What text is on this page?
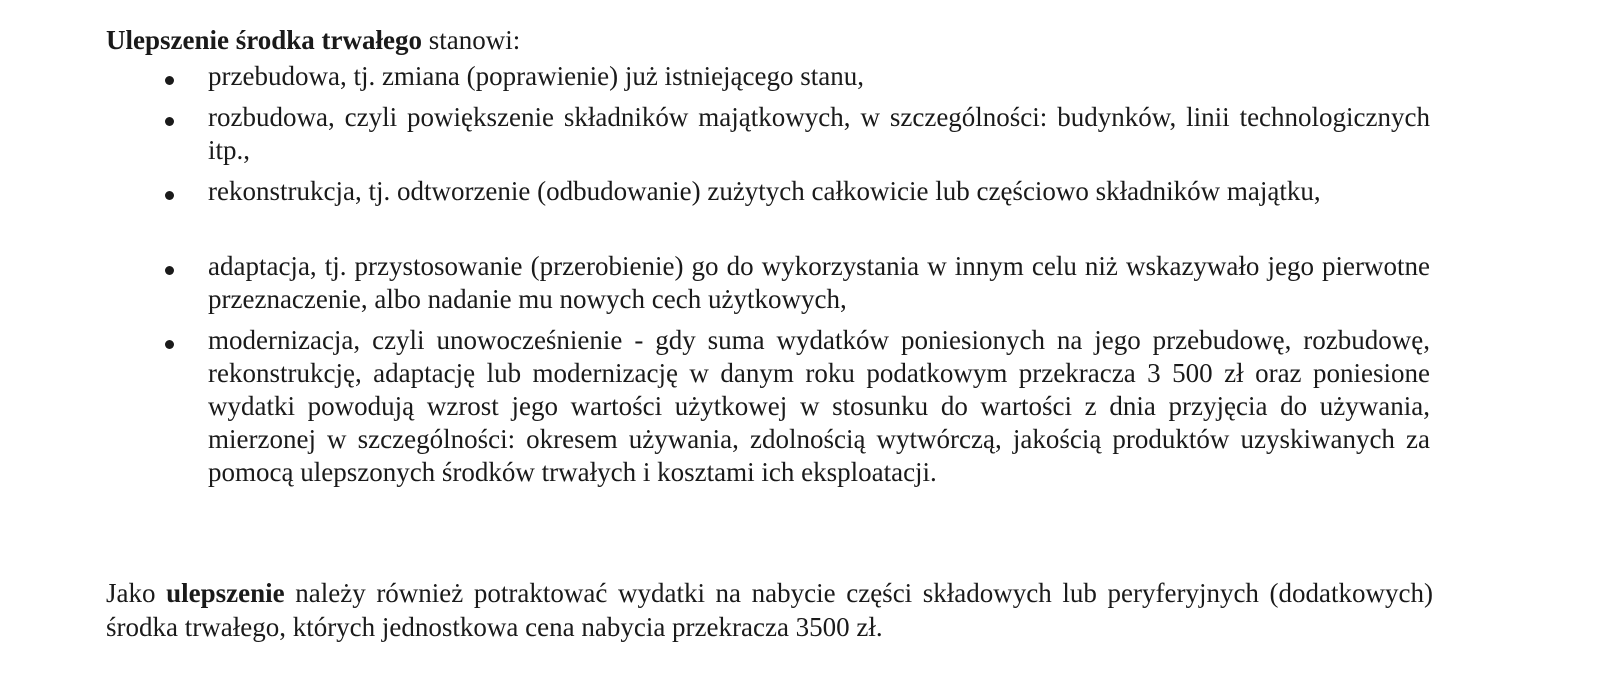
Ulepszenie środka trwałego stanowi:

przebudowa, tj. zmiana (poprawienie) już istniejącego stanu,
rozbudowa, czyli powiększenie składników majątkowych, w szczególności: budynków, linii technologicznych itp.,
rekonstrukcja, tj. odtworzenie (odbudowanie) zużytych całkowicie lub częściowo składników majątku,
adaptacja, tj. przystosowanie (przerobienie) go do wykorzystania w innym celu niż wskazywało jego pierwotne przeznaczenie, albo nadanie mu nowych cech użytkowych,
modernizacja, czyli unowocześnienie - gdy suma wydatków poniesionych na jego przebudowę, rozbudowę, rekonstrukcję, adaptację lub modernizację w danym roku podatkowym przekracza 3 500 zł oraz poniesione wydatki powodują wzrost jego wartości użytkowej w stosunku do wartości z dnia przyjęcia do używania, mierzonej w szczególności: okresem używania, zdolnością wytwórczą, jakością produktów uzyskiwanych za pomocą ulepszonych środków trwałych i kosztami ich eksploatacji.

Jako ulepszenie należy również potraktować wydatki na nabycie części składowych lub peryferyjnych (dodatkowych) środka trwałego, których jednostkowa cena nabycia przekracza 3500 zł.
